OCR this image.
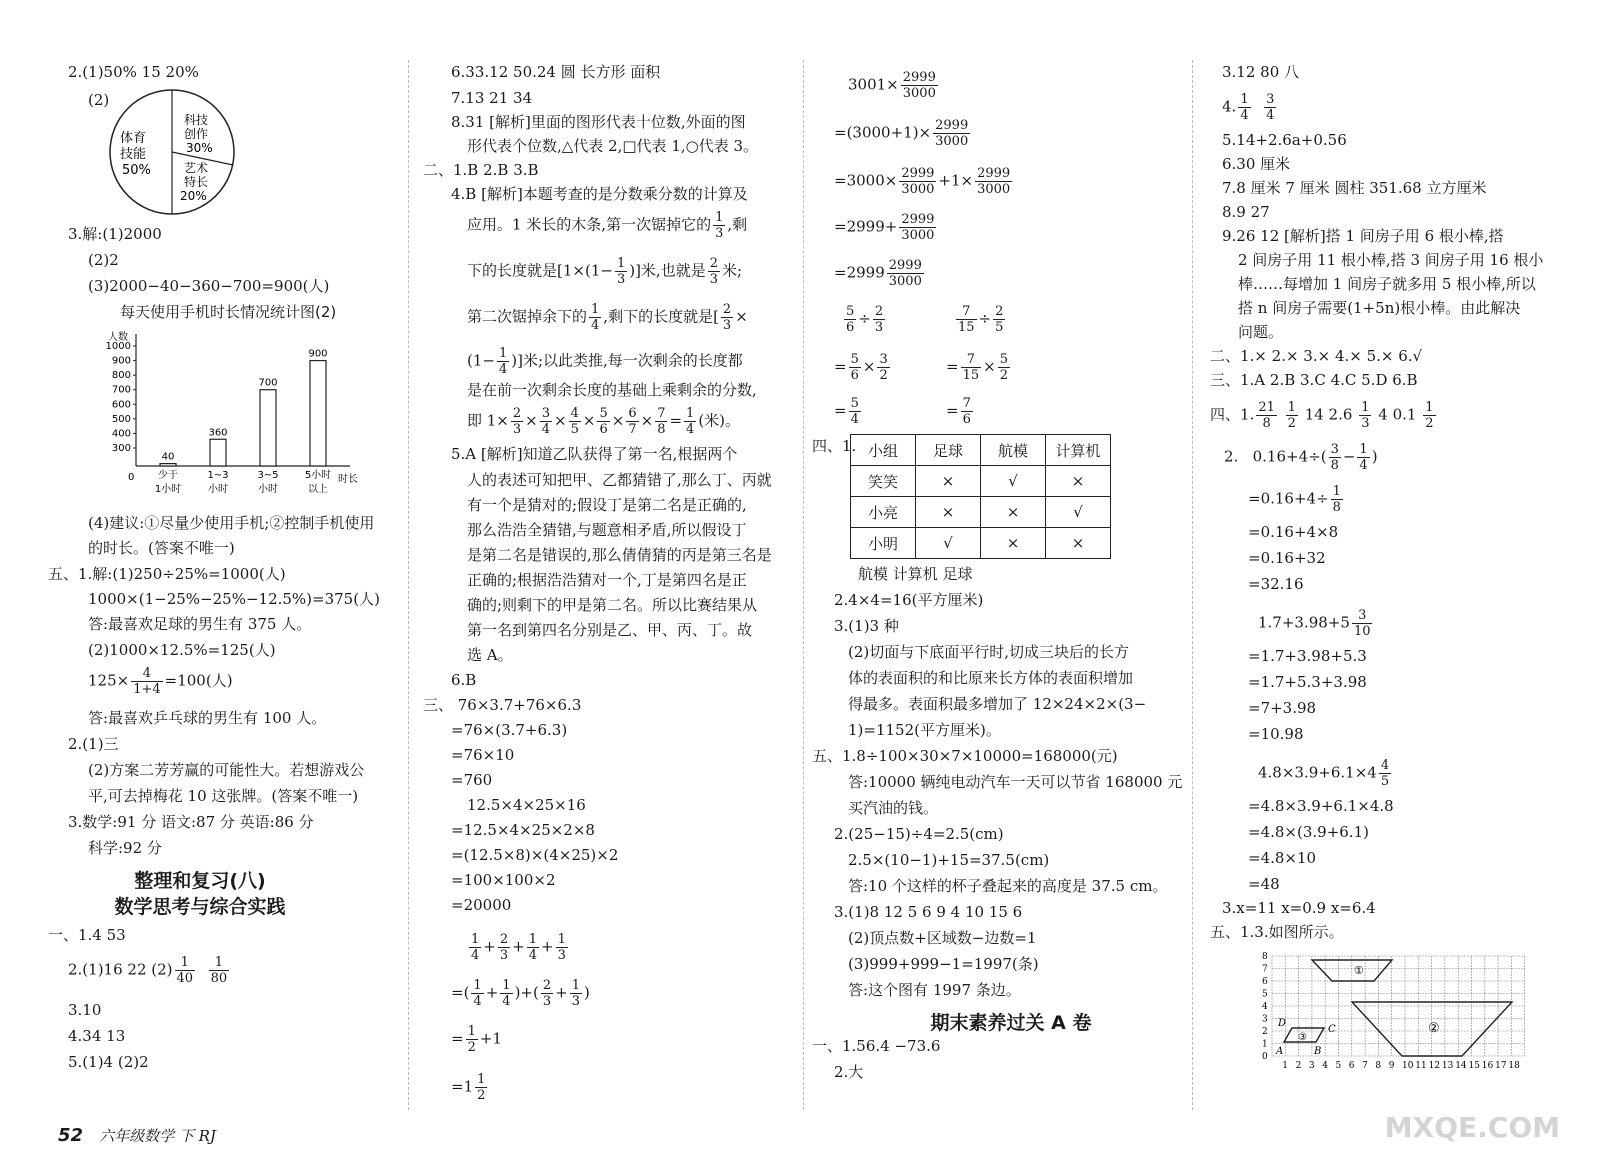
2.(1)50% 15 20%
(2)
体育
技能
50%
科技
创作
30%
艺术
特长
20%
3.解:(1)2000
(2)2
(3)2000−40−360−700=900(人)
每天使用手机时长情况统计图(2)
人数
时长
0
300
400
500
600
700
800
900
1000
40
少于
1小时
360
1~3
小时
700
3~5
小时
900
5小时
以上
(4)建议:①尽量少使用手机;②控制手机使用
的时长。(答案不唯一)
五、1.解:(1)250÷25%=1000(人)
1000×(1−25%−25%−12.5%)=375(人)
答:最喜欢足球的男生有 375 人。
(2)1000×12.5%=125(人)
$125\times \frac{4}{1+4} =100$(人)
答:最喜欢乒乓球的男生有 100 人。
2.(1)三
(2)方案二芳芳赢的可能性大。若想游戏公
平,可去掉梅花 10 这张牌。(答案不唯一)
3.数学:91 分 语文:87 分 英语:86 分
科学:92 分
整理和复习(八)
数学思考与综合实践
一、1.4 53
2.(1)16 22 $(2) \frac{1}{40}$
$\frac{1}{80}$
3.10
4.34 13
5.(1)4 (2)2
6.33.12 50.24 圆 长方形 面积
7.13 21 34
8.31 [解析]里面的图形代表十位数,外面的图
形代表个位数,△代表 2,□代表 1,○代表 3。
二、1.B 2.B 3.B
4.B [解析]本题考查的是分数乘分数的计算及
应用。1 米长的木条,第一次锯掉它的 $\frac{1}{3}$ ,剩
下的长度就是[$1\times(1- \frac{1}{3}$ )]米,也就是 $\frac{2}{3}$ 米;
第二次锯掉余下的 $\frac{1}{4}$ ,剩下的长度就是[ $\frac{2}{3}$ ×
($1- \frac{1}{4}$ )]米;以此类推,每一次剩余的长度都
是在前一次剩余长度的基础上乘剩余的分数,
即 $1\times \frac{2}{3} \times \frac{3}{4} \times \frac{4}{5} \times \frac{5}{6} \times \frac{6}{7} \times \frac{7}{8} = \frac{1}{4}$ (米)。
5.A [解析]知道乙队获得了第一名,根据两个
人的表述可知把甲、乙都猜错了,那么丁、丙就
有一个是猜对的;假设丁是第二名是正确的,
那么浩浩全猜错,与题意相矛盾,所以假设丁
是第二名是错误的,那么倩倩猜的丙是第三名是
正确的;根据浩浩猜对一个,丁是第四名是正
确的;则剩下的甲是第二名。所以比赛结果从
第一名到第四名分别是乙、甲、丙、丁。故
选 A。
6.B
三、 76×3.7+76×6.3
=76×(3.7+6.3)
=76×10
=760
12.5×4×25×16
=12.5×4×25×2×8
=(12.5×8)×(4×25)×2
=100×100×2
=20000
$\frac{1}{4} + \frac{2}{3} + \frac{1}{4} + \frac{1}{3}$
=( $\frac{1}{4} + \frac{1}{4}$ )+( $\frac{2}{3} + \frac{1}{3}$ )
= $\frac{1}{2} +1$
$=1 \frac{1}{2}$
$3001\times \frac{2999}{3000}$
$=(3000+1)\times \frac{2999}{3000}$
$=3000\times \frac{2999}{3000} +1\times \frac{2999}{3000}$
$=2999+ \frac{2999}{3000}$
$=2999 \frac{2999}{3000}$
$\frac{5}{6} \div \frac{2}{3}$	$\frac{7}{15} \div \frac{2}{5}$
= $\frac{5}{6} \times \frac{3}{2}$	= $\frac{7}{15} \times \frac{5}{2}$
= $\frac{5}{4}$	= $\frac{7}{6}$
四、1. 小组	足球	航模	计算机
笑笑	×	√	×
小亮	×	×	√
小明	√	×	×
航模 计算机 足球
2.4×4=16(平方厘米)
3.(1)3 种
(2)切面与下底面平行时,切成三块后的长方
体的表面积的和比原来长方体的表面积增加
得最多。表面积最多增加了 12×24×2×(3−
1)=1152(平方厘米)。
五、1.8÷100×30×7×10000=168000(元)
答:10000 辆纯电动汽车一天可以节省 168000 元
买汽油的钱。
2.(25−15)÷4=2.5(cm)
2.5×(10−1)+15=37.5(cm)
答:10 个这样的杯子叠起来的高度是 37.5 cm。
3.(1)8 12 5 6 9 4 10 15 6
(2)顶点数+区域数−边数=1
(3)999+999−1=1997(条)
答:这个图有 1997 条边。
期末素养过关 A 卷
一、1.56.4 −73.6
2.大
3.12 80 八
4. $\frac{1}{4}$
$\frac{3}{4}$
5.14+2.6a+0.56
6.30 厘米
7.8 厘米 7 厘米 圆柱 351.68 立方厘米
8.9 27
9.26 12 [解析]搭 1 间房子用 6 根小棒,搭
2 间房子用 11 根小棒,搭 3 间房子用 16 根小
棒……每增加 1 间房子就多用 5 根小棒,所以
搭 n 间房子需要(1+5n)根小棒。由此解决
问题。
二、1.× 2.× 3.× 4.× 5.× 6.√
三、1.A 2.B 3.C 4.C 5.D 6.B
四、1. $\frac{21}{8}$
$\frac{1}{2} 14$ $2.6 \frac{1}{3} 4$ $0.1 \frac{1}{2}$
2. $0.16+4\div( \frac{3}{8} - \frac{1}{4}$ )
$=0.16+4\div \frac{1}{8}$
=0.16+4×8
=0.16+32
=32.16
$1.7+3.98+5 \frac{3}{10}$
=1.7+3.98+5.3
=1.7+5.3+3.98
=7+3.98
=10.98
$4.8\times 3.9+6.1\times 4 \frac{4}{5}$
=4.8×3.9+6.1×4.8
=4.8×(3.9+6.1)
=4.8×10
=48
3.x=11 x=0.9 x=6.4
五、1.3.如图所示。
①
②
③
A	B
C
D
1 2 3 4 5 6 7 8 9 10 11 12 13 14 15 16 17 18
0
1
2
3
4
5
6
7
8
52 六年级数学 下 RJ	MXQE.COM
